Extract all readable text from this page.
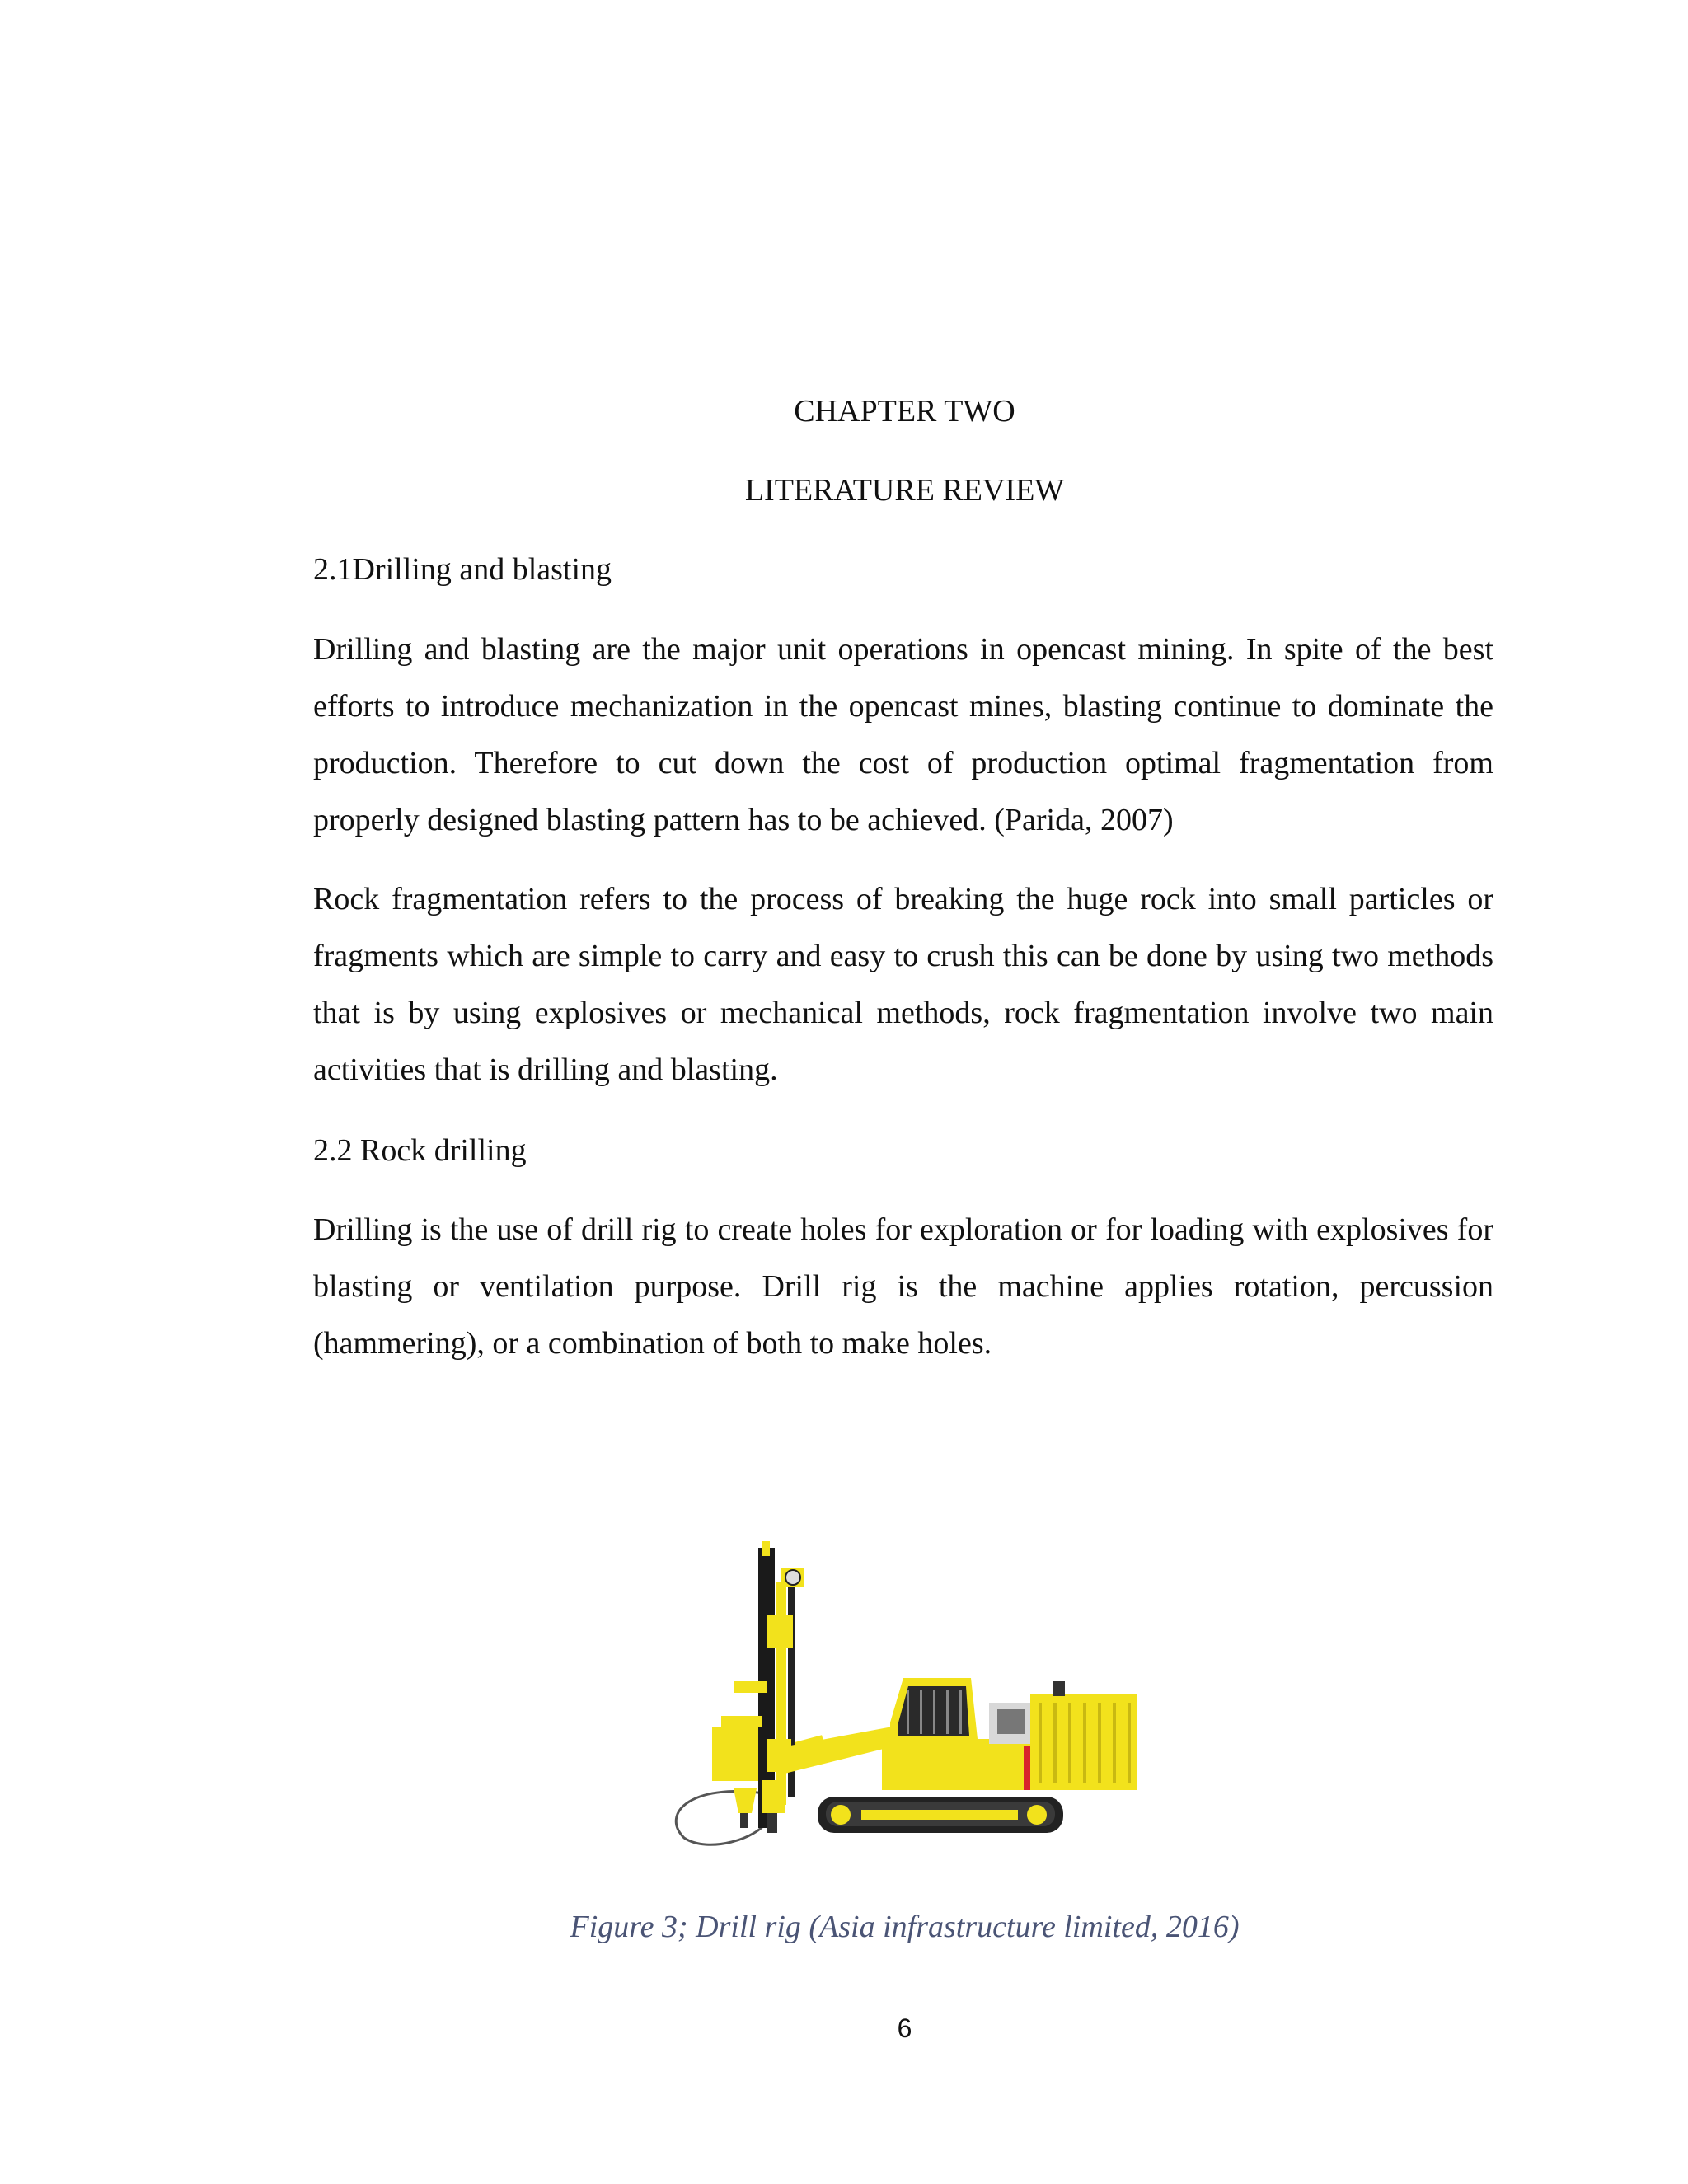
CHAPTER TWO
LITERATURE REVIEW
2.1Drilling and blasting

Drilling and blasting are the major unit operations in opencast mining. In spite of the best efforts to introduce mechanization in the opencast mines, blasting continue to dominate the production. Therefore to cut down the cost of production optimal fragmentation from properly designed blasting pattern has to be achieved. (Parida, 2007)

Rock fragmentation refers to the process of breaking the huge rock into small particles or fragments which are simple to carry and easy to crush this can be done by using two methods that is by using explosives or mechanical methods, rock fragmentation involve two main activities that is drilling and blasting.

2.2 Rock drilling

Drilling is the use of drill rig to create holes for exploration or for loading with explosives for blasting or ventilation purpose. Drill rig is the machine applies rotation, percussion (hammering), or a combination of both to make holes.

Figure 3; Drill rig (Asia infrastructure limited, 2016)
6
